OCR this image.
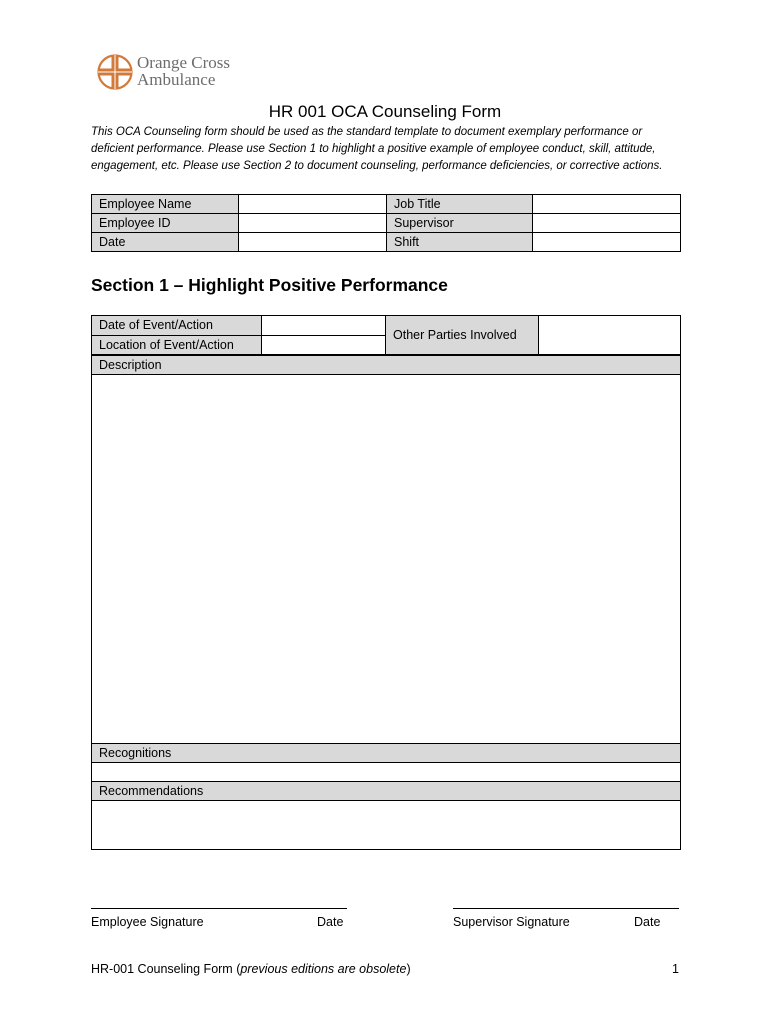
Orange Cross
Ambulance
HR 001 OCA Counseling Form
This OCA Counseling form should be used as the standard template to document exemplary performance or deficient performance. Please use Section 1 to highlight a positive example of employee conduct, skill, attitude, engagement, etc. Please use Section 2 to document counseling, performance deficiencies, or corrective actions.
Employee Name		Job Title	
Employee ID		Supervisor	
Date		Shift	
Section 1 – Highlight Positive Performance
Date of Event/Action		Other Parties Involved	
Location of Event/Action			
Description

Recognitions

Recommendations

Employee Signature	Date	Supervisor Signature	Date
HR-001 Counseling Form (previous editions are obsolete)	1
